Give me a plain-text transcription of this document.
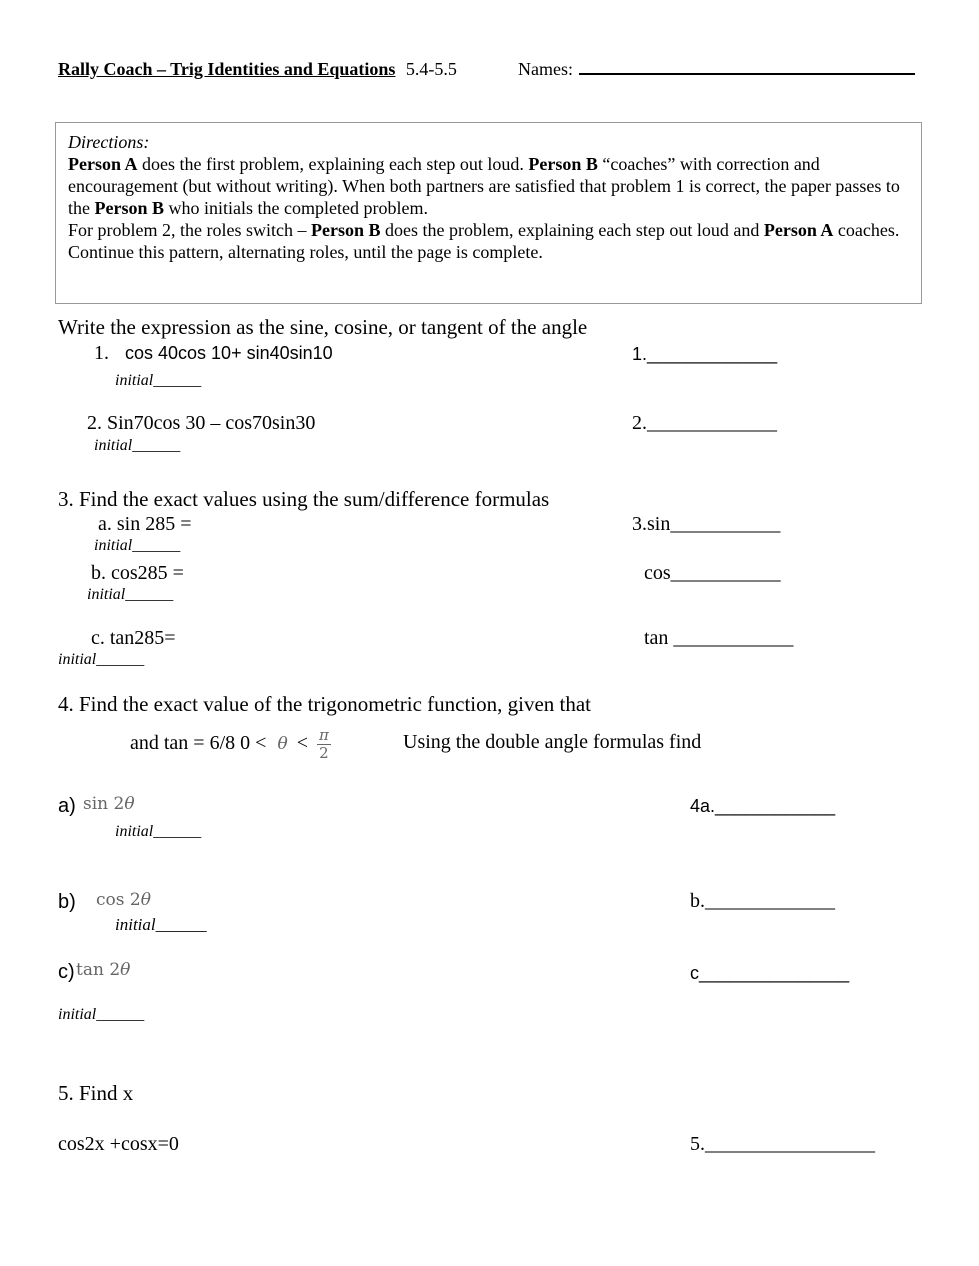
Rally Coach – Trig Identities and Equations 5.4-5.5	Names:
Directions:
Person A does the first problem, explaining each step out loud. Person B “coaches” with correction and encouragement (but without writing). When both partners are satisfied that problem 1 is correct, the paper passes to the Person B who initials the completed problem.
For problem 2, the roles switch – Person B does the problem, explaining each step out loud and Person A coaches.
Continue this pattern, alternating roles, until the page is complete.
Write the expression as the sine, cosine, or tangent of the angle
1. cos 40cos 10+ sin40sin10	1._____________
initial______
2. Sin70cos 30 – cos70sin30	2._____________
initial______
3. Find the exact values using the sum/difference formulas
a. sin 285 =	3.sin___________
initial______
b. cos285 =	cos___________
initial______
c. tan285=	tan ____________
initial______
4. Find the exact value of the trigonometric function, given that
and tan = 6/8 $0 < \theta < \frac{\pi}{2}$	Using the double angle formulas find
a) sin 2θ	4a.____________
initial______
b) cos 2θ	b._____________
initial______
c) tan 2θ	c_______________
initial______
5. Find x
cos2x +cosx=0	5._________________
